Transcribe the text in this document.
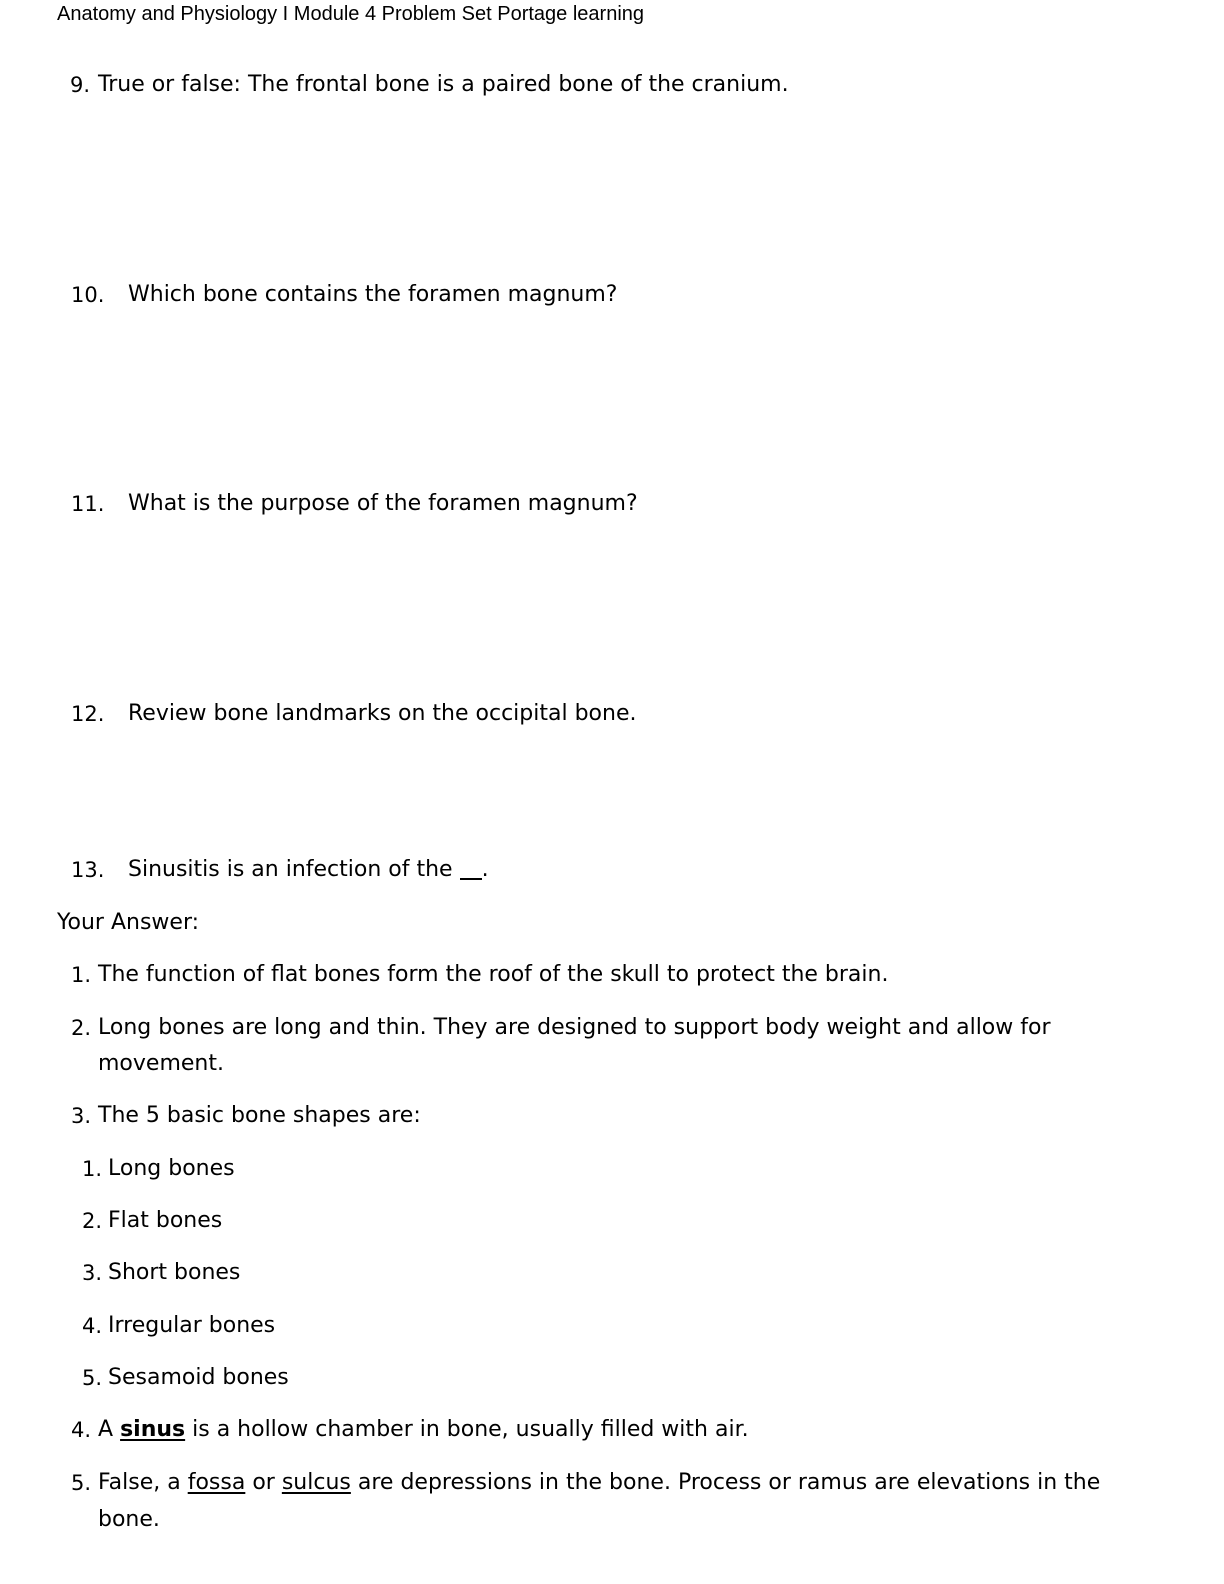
Anatomy and Physiology I Module 4 Problem Set Portage learning
9. True or false: The frontal bone is a paired bone of the cranium.
10. Which bone contains the foramen magnum?
11. What is the purpose of the foramen magnum?
12. Review bone landmarks on the occipital bone.
13. Sinusitis is an infection of the .
Your Answer:
1. The function of flat bones form the roof of the skull to protect the brain.
2. Long bones are long and thin. They are designed to support body weight and allow for
movement.
3. The 5 basic bone shapes are:
1. Long bones
2. Flat bones
3. Short bones
4. Irregular bones
5. Sesamoid bones
4. A sinus is a hollow chamber in bone, usually filled with air.
5. False, a fossa or sulcus are depressions in the bone. Process or ramus are elevations in the
bone.
